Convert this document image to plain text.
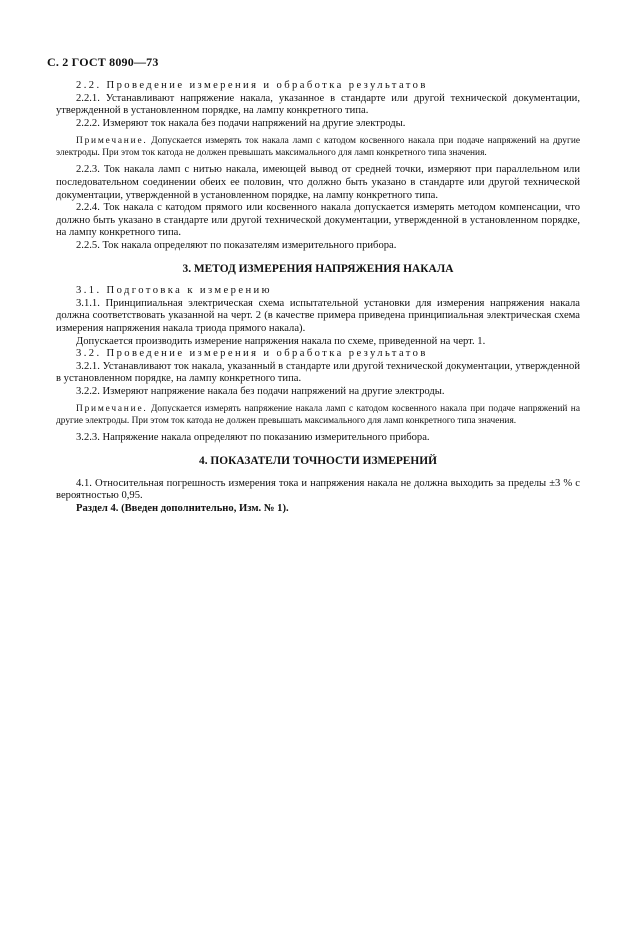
С. 2 ГОСТ 8090—73

2.2. Проведение измерения и обработка результатов

2.2.1. Устанавливают напряжение накала, указанное в стандарте или другой технической документации, утвержденной в установленном порядке, на лампу конкретного типа.

2.2.2. Измеряют ток накала без подачи напряжений на другие электроды.

Примечание. Допускается измерять ток накала ламп с катодом косвенного накала при подаче напряжений на другие электроды. При этом ток катода не должен превышать максимального для ламп конкретного типа значения.

2.2.3. Ток накала ламп с нитью накала, имеющей вывод от средней точки, измеряют при параллельном или последовательном соединении обеих ее половин, что должно быть указано в стандарте или другой технической документации, утвержденной в установленном порядке, на лампу конкретного типа.

2.2.4. Ток накала с катодом прямого или косвенного накала допускается измерять методом компенсации, что должно быть указано в стандарте или другой технической документации, утвержденной в установленном порядке, на лампу конкретного типа.

2.2.5. Ток накала определяют по показателям измерительного прибора.

3. МЕТОД ИЗМЕРЕНИЯ НАПРЯЖЕНИЯ НАКАЛА

3.1. Подготовка к измерению

3.1.1. Принципиальная электрическая схема испытательной установки для измерения напряжения накала должна соответствовать указанной на черт. 2 (в качестве примера приведена принципиальная электрическая схема измерения напряжения накала триода прямого накала).

Допускается производить измерение напряжения накала по схеме, приведенной на черт. 1.

3.2. Проведение измерения и обработка результатов

3.2.1. Устанавливают ток накала, указанный в стандарте или другой технической документации, утвержденной в установленном порядке, на лампу конкретного типа.

3.2.2. Измеряют напряжение накала без подачи напряжений на другие электроды.

Примечание. Допускается измерять напряжение накала ламп с катодом косвенного накала при подаче напряжений на другие электроды. При этом ток катода не должен превышать максимального для ламп конкретного типа значения.

3.2.3. Напряжение накала определяют по показанию измерительного прибора.

4. ПОКАЗАТЕЛИ ТОЧНОСТИ ИЗМЕРЕНИЙ

4.1. Относительная погрешность измерения тока и напряжения накала не должна выходить за пределы ±3 % с вероятностью 0,95.

Раздел 4. (Введен дополнительно, Изм. № 1).
